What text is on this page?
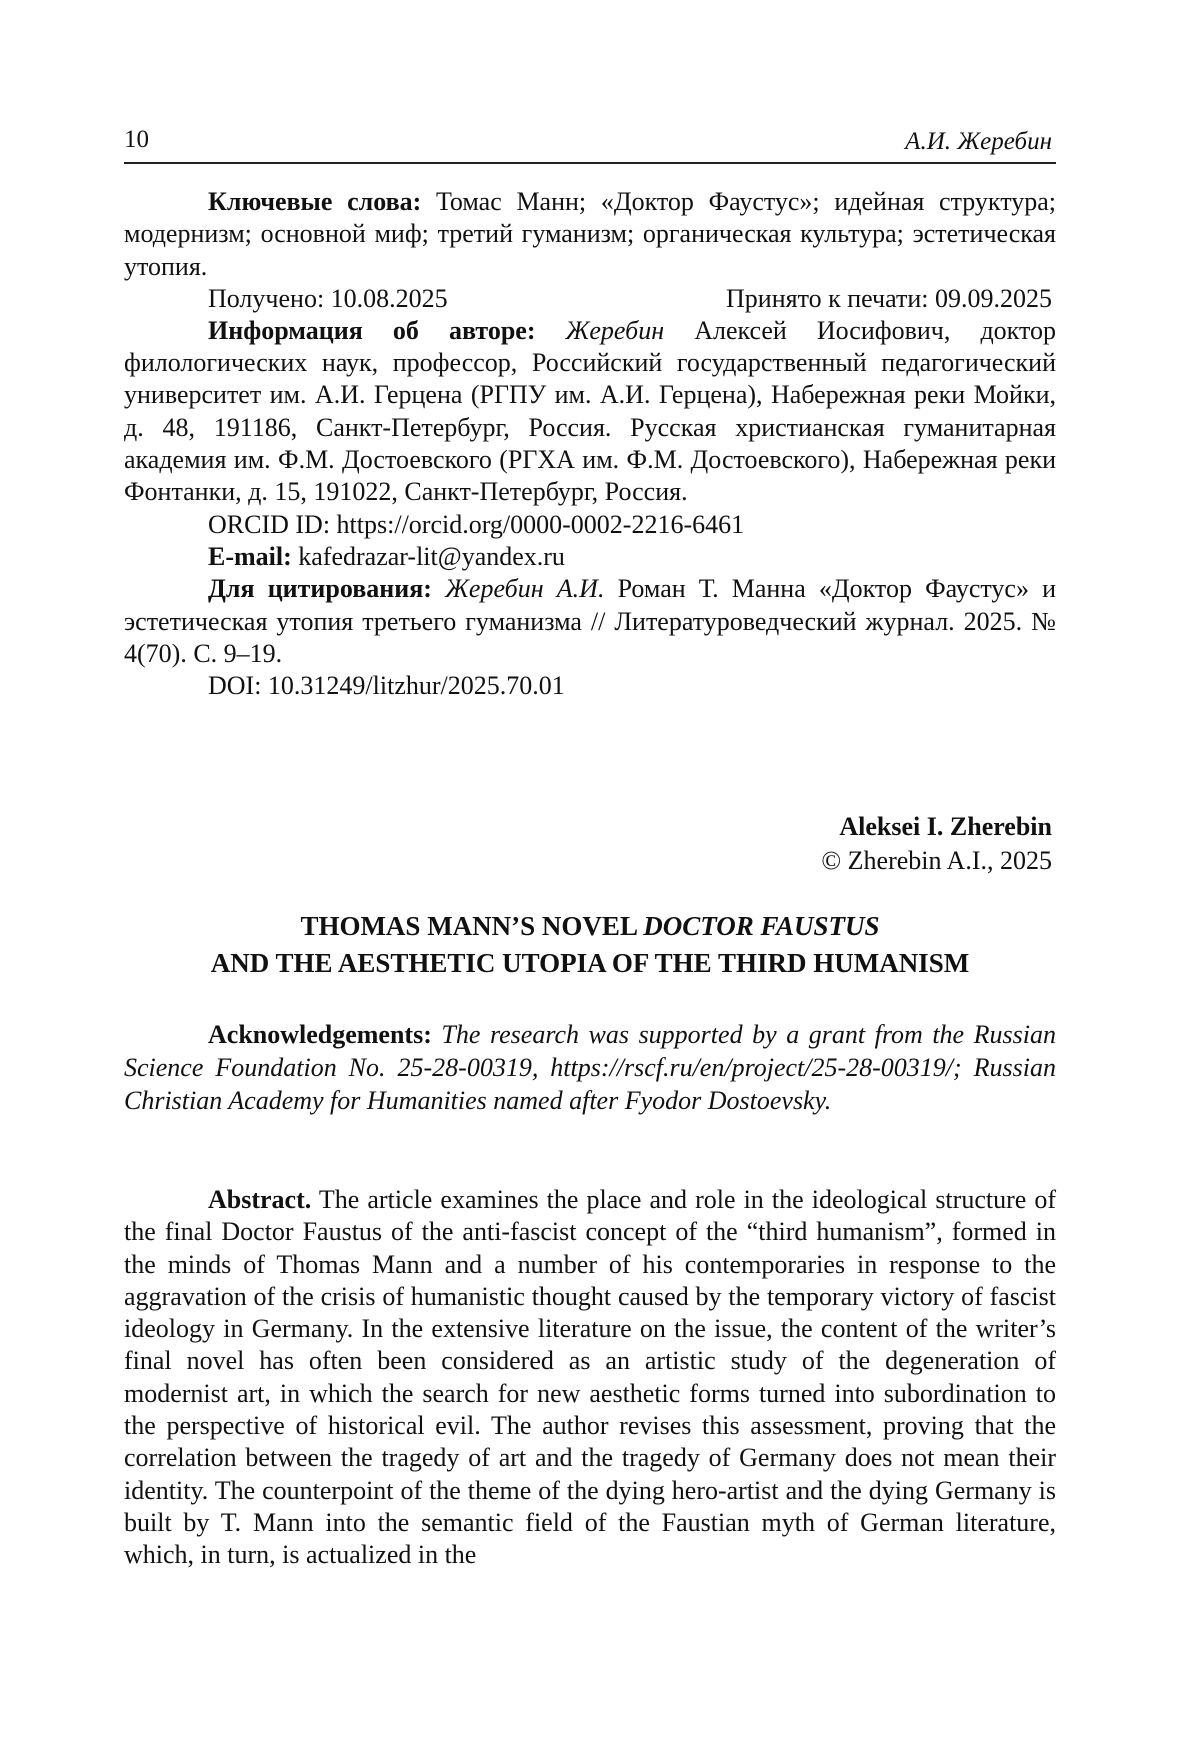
10	А.И. Жеребин

Ключевые слова: Томас Манн; «Доктор Фаустус»; идейная структура; модернизм; основной миф; третий гуманизм; органическая культура; эстетическая утопия.

Получено: 10.08.2025	Принято к печати: 09.09.2025

Информация об авторе: Жеребин Алексей Иосифович, доктор филологических наук, профессор, Российский государственный педагогический университет им. А.И. Герцена (РГПУ им. А.И. Герцена), Набережная реки Мойки, д. 48, 191186, Санкт-Петербург, Россия. Русская христианская гуманитарная академия им. Ф.М. Достоевского (РГХА им. Ф.М. Достоевского), Набережная реки Фонтанки, д. 15, 191022, Санкт-Петербург, Россия.

ORCID ID: https://orcid.org/0000-0002-2216-6461

E-mail: kafedrazar-lit@yandex.ru

Для цитирования: Жеребин А.И. Роман Т. Манна «Доктор Фаустус» и эстетическая утопия третьего гуманизма // Литературоведческий журнал. 2025. № 4(70). С. 9–19.

DOI: 10.31249/litzhur/2025.70.01

Aleksei I. Zherebin
© Zherebin A.I., 2025
THOMAS MANN’S NOVEL DOCTOR FAUSTUS
AND THE AESTHETIC UTOPIA OF THE THIRD HUMANISM

Acknowledgements: The research was supported by a grant from the Russian Science Foundation No. 25-28-00319, https://rscf.ru/en/project/25-28-00319/; Russian Christian Academy for Humanities named after Fyodor Dostoevsky.

Abstract. The article examines the place and role in the ideological structure of the final Doctor Faustus of the anti-fascist concept of the “third humanism”, formed in the minds of Thomas Mann and a number of his contemporaries in response to the aggravation of the crisis of humanistic thought caused by the temporary victory of fascist ideology in Germany. In the extensive literature on the issue, the content of the writer’s final novel has often been considered as an artistic study of the degeneration of modernist art, in which the search for new aesthetic forms turned into subordination to the perspective of historical evil. The author revises this assessment, proving that the correlation between the tragedy of art and the tragedy of Germany does not mean their identity. The counterpoint of the theme of the dying hero-artist and the dying Germany is built by T. Mann into the semantic field of the Faustian myth of German literature, which, in turn, is actualized in the
